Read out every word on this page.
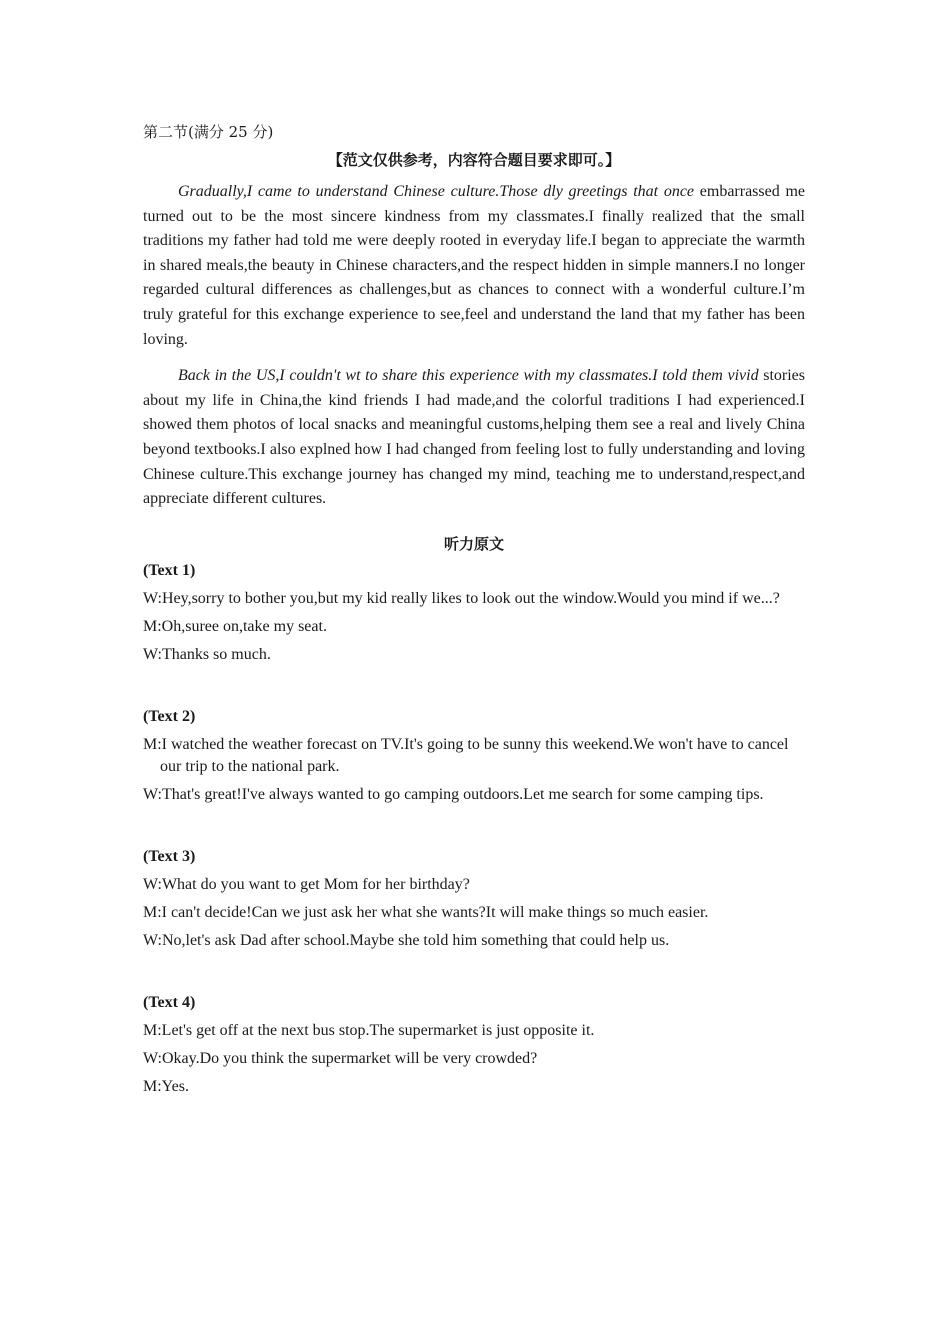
第二节(满分 25 分)

【范文仅供参考，内容符合题目要求即可。】

Gradually,I came to understand Chinese culture.Those dly greetings that once embarrassed me turned out to be the most sincere kindness from my classmates.I finally realized that the small traditions my father had told me were deeply rooted in everyday life.I began to appreciate the warmth in shared meals,the beauty in Chinese characters,and the respect hidden in simple manners.I no longer regarded cultural differences as challenges,but as chances to connect with a wonderful culture.I’m truly grateful for this exchange experience to see,feel and understand the land that my father has been loving.

Back in the US,I couldn't wt to share this experience with my classmates.I told them vivid stories about my life in China,the kind friends I had made,and the colorful traditions I had experienced.I showed them photos of local snacks and meaningful customs,helping them see a real and lively China beyond textbooks.I also explned how I had changed from feeling lost to fully understanding and loving Chinese culture.This exchange journey has changed my mind, teaching me to understand,respect,and appreciate different cultures.

听力原文

(Text 1)

W:Hey,sorry to bother you,but my kid really likes to look out the window.Would you mind if we...?

M:Oh,suree on,take my seat.

W:Thanks so much.

(Text 2)

M:I watched the weather forecast on TV.It's going to be sunny this weekend.We won't have to cancel our trip to the national park.

W:That's great!I've always wanted to go camping outdoors.Let me search for some camping tips.

(Text 3)

W:What do you want to get Mom for her birthday?

M:I can't decide!Can we just ask her what she wants?It will make things so much easier.

W:No,let's ask Dad after school.Maybe she told him something that could help us.

(Text 4)

M:Let's get off at the next bus stop.The supermarket is just opposite it.

W:Okay.Do you think the supermarket will be very crowded?

M:Yes.
